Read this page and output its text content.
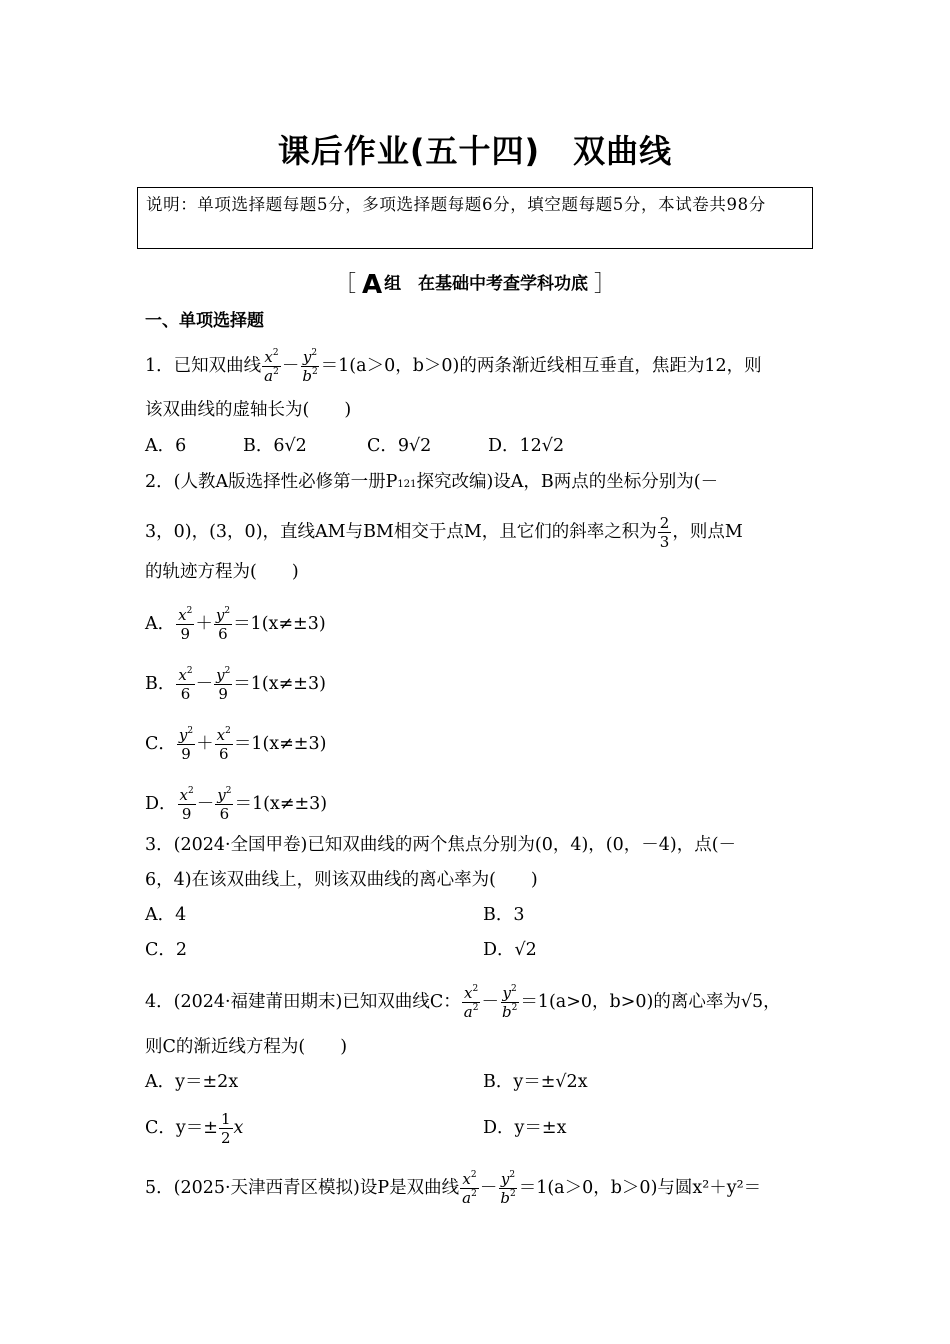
课后作业(五十四)　双曲线
说明：单项选择题每题5分，多项选择题每题6分，填空题每题5分，本试卷共98分
［ A 组　在基础中考查学科功底 ］
一、单项选择题
1．已知双曲线 $\frac{x^2}{a^2} - \frac{y^2}{b^2} =1(a>0$，b＞0)的两条渐近线相互垂直，焦距为12，则
该双曲线的虚轴长为(　　)
A．6	B．6√2	C．9√2	D．12√2
2．(人教A版选择性必修第一册P121探究改编)设A，B两点的坐标分别为(－
3，0)，(3，0)，直线AM与BM相交于点M，且它们的斜率之积为 $\frac{2}{3}$ ，则点M
的轨迹方程为(　　)
A． $\frac{x^2}{9} + \frac{y^2}{6} =1(x\ne\pm 3)$
B． $\frac{x^2}{6} - \frac{y^2}{9} =1(x\ne\pm 3)$
C． $\frac{y^2}{9} + \frac{x^2}{6} =1(x\ne\pm 3)$
D． $\frac{x^2}{9} - \frac{y^2}{6} =1(x\ne\pm 3)$
3．(2024·全国甲卷)已知双曲线的两个焦点分别为(0，4)，(0，－4)，点(－
6，4)在该双曲线上，则该双曲线的离心率为(　　)
A．4	B．3
C．2	D．√2
4．(2024·福建莆田期末)已知双曲线C： $\frac{x^2}{a^2} - \frac{y^2}{b^2} =1(a>0$，b>0)的离心率为√5，
则C的渐近线方程为(　　)
A．y＝±2x	B．y＝±√2x
C．$y=\pm \frac{1}{2}$ x	D．y＝±x
5．(2025·天津西青区模拟)设P是双曲线 $\frac{x^2}{a^2} - \frac{y^2}{b^2} =1(a>0$，b＞0)与圆x²＋y²＝
